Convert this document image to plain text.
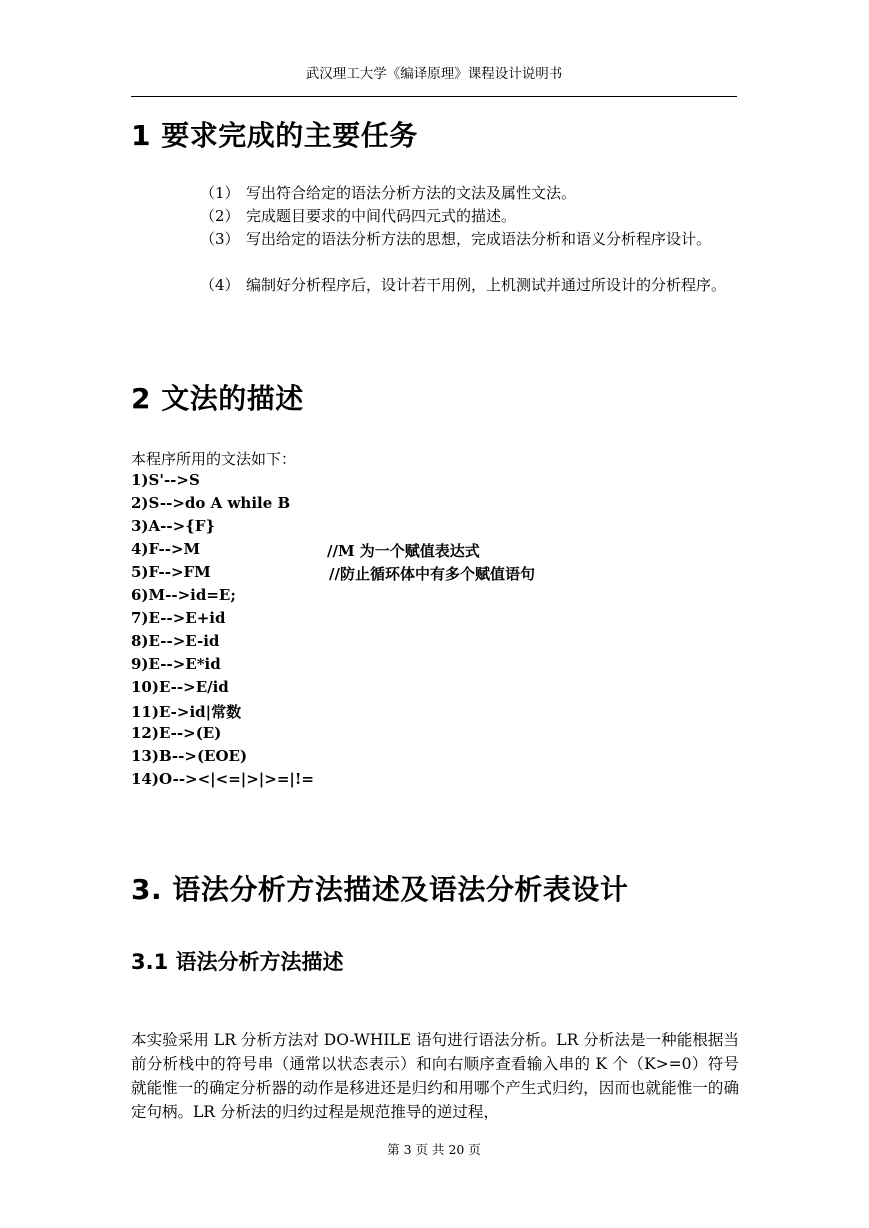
武汉理工大学《编译原理》课程设计说明书
1 要求完成的主要任务
（1） 写出符合给定的语法分析方法的文法及属性文法。
（2） 完成题目要求的中间代码四元式的描述。
（3） 写出给定的语法分析方法的思想，完成语法分析和语义分析程序设计。
（4） 编制好分析程序后，设计若干用例，上机测试并通过所设计的分析程序。
2 文法的描述
本程序所用的文法如下：
1)S'-->S
2)S-->do A while B
3)A-->{F}
4)F-->M	//M 为一个赋值表达式
5)F-->FM	//防止循环体中有多个赋值语句
6)M-->id=E;
7)E-->E+id
8)E-->E-id
9)E-->E*id
10)E-->E/id
11)E->id|常数
12)E-->(E)
13)B-->(EOE)
14)O--><|<=|>|>=|!=
3. 语法分析方法描述及语法分析表设计
3.1 语法分析方法描述
本实验采用 LR 分析方法对 DO-WHILE 语句进行语法分析。LR 分析法是一种能根据当前分析栈中的符号串（通常以状态表示）和向右顺序查看输入串的 K 个（K>=0）符号就能惟一的确定分析器的动作是移进还是归约和用哪个产生式归约，因而也就能惟一的确定句柄。LR 分析法的归约过程是规范推导的逆过程，
第 3 页 共 20 页
